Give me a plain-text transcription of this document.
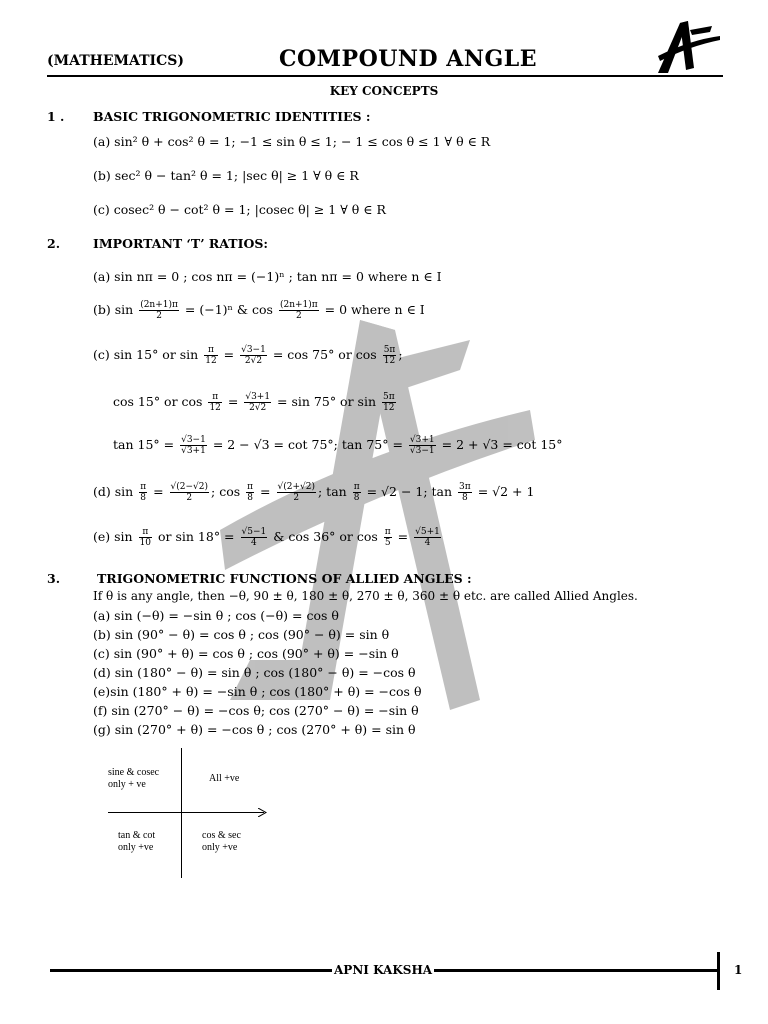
(MATHEMATICS)	COMPOUND ANGLE
KEY CONCEPTS
1 . BASIC TRIGONOMETRIC IDENTITIES :
(a) sin² θ + cos² θ = 1; −1 ≤ sin θ ≤ 1; − 1 ≤ cos θ ≤ 1 ∀ θ ∈ R
(b) sec² θ − tan² θ = 1; |sec θ| ≥ 1 ∀ θ ∈ R
(c) cosec² θ − cot² θ = 1; |cosec θ| ≥ 1 ∀ θ ∈ R
2.	IMPORTANT ‘T’ RATIOS:
(a) sin nπ = 0 ; cos nπ = (−1)ⁿ ; tan nπ = 0 where n ∈ I
(b) $\sin \frac{(2n+1)\pi}{2} = (-1)^n$ & $\cos \frac{(2n+1)\pi}{2} = 0$ where n ∈ I
(c) sin 15° or $\sin \frac{\pi}{12} = \frac{√3-1}{2√2} = \cos 75^\circ$ or $\cos \frac{5\pi}{12}$ ;
cos 15° or $\cos \frac{\pi}{12} = \frac{√3+1}{2√2} = \sin 75^\circ$ or $\sin \frac{5\pi}{12}$
$\tan 15^\circ = \frac{√3-1}{√3+1} = 2 - √3 = \cot 75^\circ$; $\tan 75^\circ = \frac{√3+1}{√3-1} = 2 + √3 = \cot 15^\circ$
(d) $\sin \frac{\pi}{8} = \frac{√(2-√2)}{2}$ ; $\cos \frac{\pi}{8} = \frac{√(2+√2)}{2}$ ; $\tan \frac{\pi}{8} = √2 - 1$; $\tan \frac{3\pi}{8} = √2 + 1$
(e) $\sin \frac{\pi}{10}$ or $\sin 18^\circ = \frac{√5-1}{4}$ & cos 36° or $\cos \frac{\pi}{5} = \frac{√5+1}{4}$
3.	TRIGONOMETRIC FUNCTIONS OF ALLIED ANGLES :
If θ is any angle, then −θ, 90 ± θ, 180 ± θ, 270 ± θ, 360 ± θ etc. are called Allied Angles.
(a) sin (−θ) = −sin θ ; cos (−θ) = cos θ
(b) sin (90° − θ) = cos θ ; cos (90° − θ) = sin θ
(c) sin (90° + θ) = cos θ ; cos (90° + θ) = −sin θ
(d) sin (180° − θ) = sin θ ; cos (180° − θ) = −cos θ
(e)sin (180° + θ) = −sin θ ; cos (180° + θ) = −cos θ
(f) sin (270° − θ) = −cos θ; cos (270° − θ) = −sin θ
(g) sin (270° + θ) = −cos θ ; cos (270° + θ) = sin θ
sine & cosec
only + ve
All +ve
tan & cot
only +ve
cos & sec
only +ve
APNI KAKSHA	1
